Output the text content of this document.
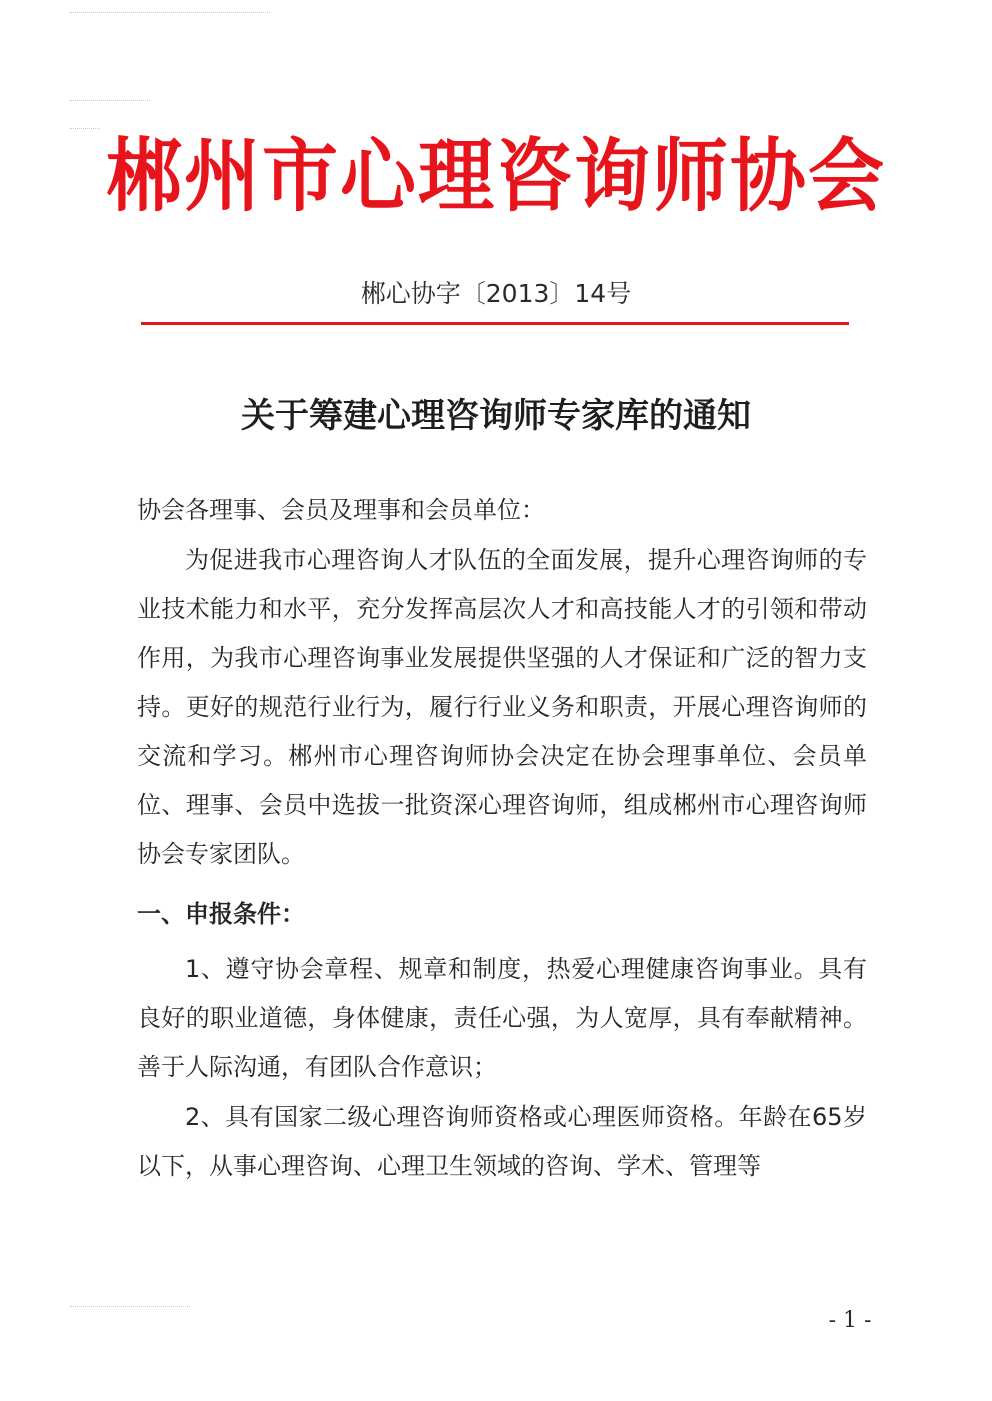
郴州市心理咨询师协会
郴心协字〔2013〕14号
关于筹建心理咨询师专家库的通知
协会各理事、会员及理事和会员单位：
为促进我市心理咨询人才队伍的全面发展，提升心理咨询师的专业技术能力和水平，充分发挥高层次人才和高技能人才的引领和带动作用，为我市心理咨询事业发展提供坚强的人才保证和广泛的智力支持。更好的规范行业行为，履行行业义务和职责，开展心理咨询师的交流和学习。郴州市心理咨询师协会决定在协会理事单位、会员单位、理事、会员中选拔一批资深心理咨询师，组成郴州市心理咨询师协会专家团队。
一、申报条件：
1、遵守协会章程、规章和制度，热爱心理健康咨询事业。具有良好的职业道德，身体健康，责任心强，为人宽厚，具有奉献精神。善于人际沟通，有团队合作意识；
2、具有国家二级心理咨询师资格或心理医师资格。年龄在65岁以下，从事心理咨询、心理卫生领域的咨询、学术、管理等
- 1 -
